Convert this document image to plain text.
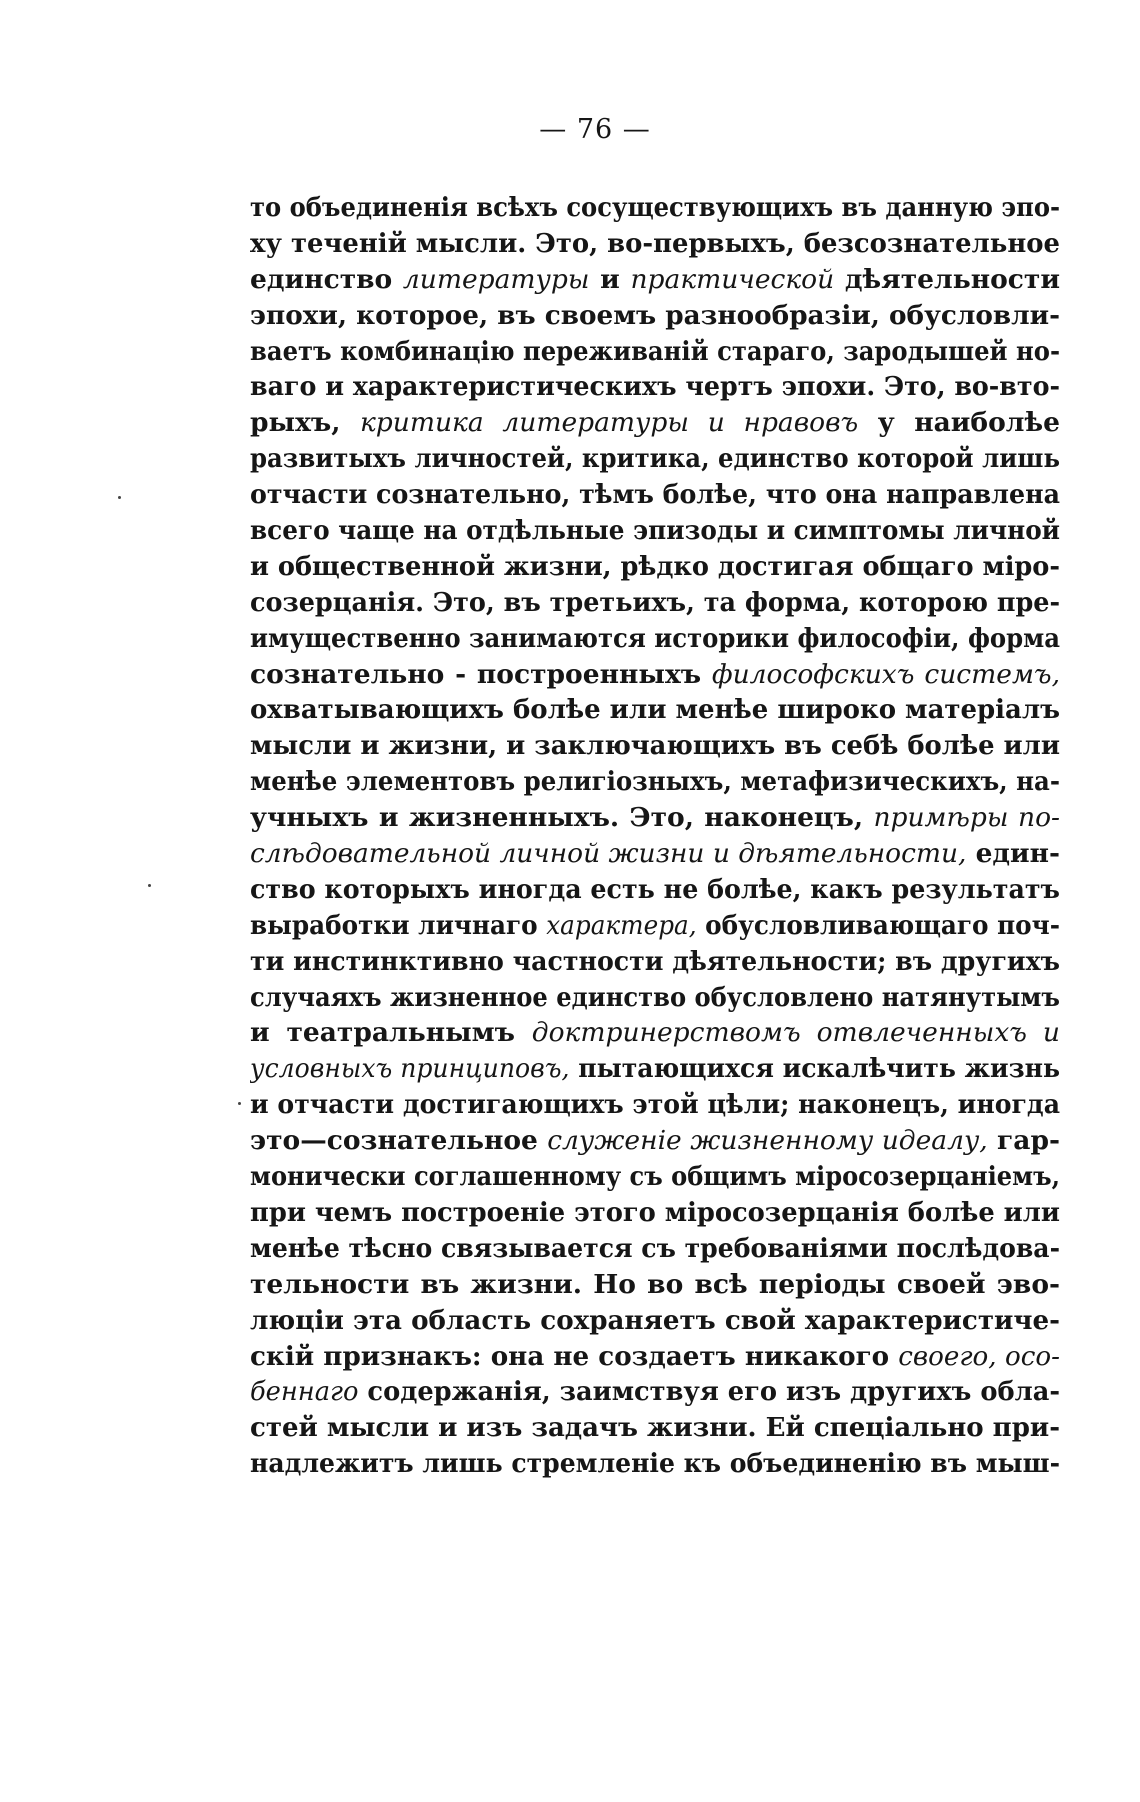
— 76 —
то объединенія всѣхъ сосуществующихъ въ данную эпо-
ху течeній мысли. Это, во-первыхъ, безсознательное
единство литературы и практической дѣятельности
эпохи, которое, въ своемъ разнообразіи, обусловли-
ваетъ комбинацію переживаній стараго, зародышей но-
ваго и характеристическихъ чертъ эпохи. Это, во-вто-
рыхъ, критика литературы и нравовъ у наиболѣе
развитыхъ личностей, критика, единство которой лишь
отчасти сознательно, тѣмъ болѣе, что она направлена
всего чаще на отдѣльные эпизоды и симптомы личной
и общественной жизни, рѣдко достигая общаго міро-
созерцанія. Это, въ третьихъ, та форма, которою пре-
имущественно занимаются историки философіи, форма
сознательно - построенныхъ философскихъ системъ,
охватывающихъ болѣе или менѣе широко матеріалъ
мысли и жизни, и заключающихъ въ себѣ болѣе или
менѣе элементовъ религіозныхъ, метафизическихъ, на-
учныхъ и жизненныхъ. Это, наконецъ, примѣры по-
слѣдовательной личной жизни и дѣятельности, един-
ство которыхъ иногда есть не болѣе, какъ результатъ
выработки личнаго характера, обусловливающаго поч-
ти инстинктивно частности дѣятельности; въ другихъ
случаяхъ жизненное единство обусловлено натянутымъ
и театральнымъ доктринерствомъ отвлеченныхъ и
условныхъ принциповъ, пытающихся искалѣчить жизнь
и отчасти достигающихъ этой цѣли; наконецъ, иногда
это—сознательное служеніе жизненному идеалу, гар-
монически соглашенному съ общимъ міросозерцаніемъ,
при чемъ построеніе этого міросозерцанія болѣе или
менѣе тѣсно связывается съ требованіями послѣдова-
тельности въ жизни. Но во всѣ періоды своей эво-
люціи эта область сохраняетъ свой характеристиче-
скій признакъ: она не создаетъ никакого своего, осо-
беннаго содержанія, заимствуя его изъ другихъ обла-
стей мысли и изъ задачъ жизни. Ей спеціально при-
надлежитъ лишь стремленіе къ объединенію въ мыш-
